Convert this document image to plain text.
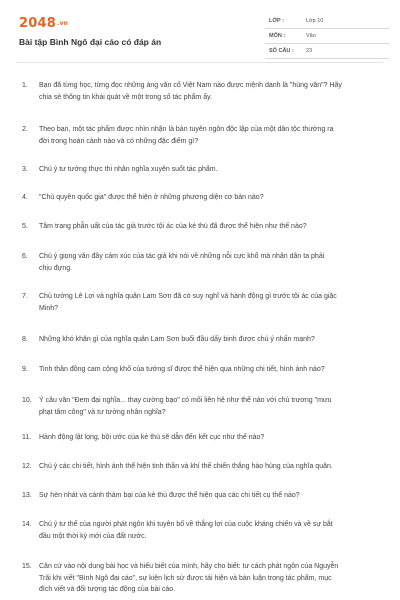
2048.vn
Bài tập Bình Ngô đại cáo có đáp án
LỚP :	Lớp 10
MÔN :	Văn
SỐ CÂU :	23
1.	Bạn đã từng học, từng đọc những áng văn cổ Việt Nam nào được mệnh danh là "hùng văn"? Hãy
chia sẻ thông tin khái quát về một trong số tác phẩm ấy.
2.	Theo bạn, một tác phẩm được nhìn nhận là bản tuyên ngôn độc lập của một dân tộc thường ra
đời trong hoàn cảnh nào và có những đặc điểm gì?
3.	Chú ý tư tưởng thực thi nhân nghĩa xuyên suốt tác phẩm.
4.	"Chủ quyền quốc gia" được thể hiện ở những phương diện cơ bản nào?
5.	Tâm trạng phẫn uất của tác giả trước tội ác của kẻ thù đã được thể hiện như thế nào?
6.	Chú ý giọng văn đầy cảm xúc của tác giả khi nói về những nỗi cực khổ mà nhân dân ta phải
chịu đựng.
7.	Chủ tướng Lê Lợi và nghĩa quân Lam Sơn đã có suy nghĩ và hành động gì trước tội ác của giặc
Minh?
8.	Những khó khăn gì của nghĩa quân Lam Sơn buổi đầu dấy binh được chú ý nhấn mạnh?
9.	Tinh thần đồng cam cộng khổ của tướng sĩ được thể hiện qua những chi tiết, hình ảnh nào?
10.	Ý câu văn "Đem đại nghĩa... thay cường bạo" có mối liên hệ như thế nào với chủ trương "mưu
phạt tâm công" và tư tưởng nhân nghĩa?
11.	Hành động lật lọng, bội ước của kẻ thù sẽ dẫn đến kết cục như thế nào?
12.	Chú ý các chi tiết, hình ảnh thể hiện tinh thần và khí thế chiến thắng hào hùng của nghĩa quân.
13.	Sự hèn nhát và cảnh thảm bại của kẻ thù được thể hiện qua các chi tiết cụ thể nào?
14.	Chú ý tư thế của người phát ngôn khi tuyên bố về thắng lợi của cuộc kháng chiến và về sự bắt
đầu một thời kỳ mới của đất nước.
15.	Căn cứ vào nội dung bài học và hiểu biết của mình, hãy cho biết: tư cách phát ngôn của Nguyễn
Trãi khi viết "Bình Ngô đại cáo", sự kiện lịch sử được tái hiện và bàn luận trong tác phẩm, mục
đích viết và đối tượng tác động của bài cáo.
